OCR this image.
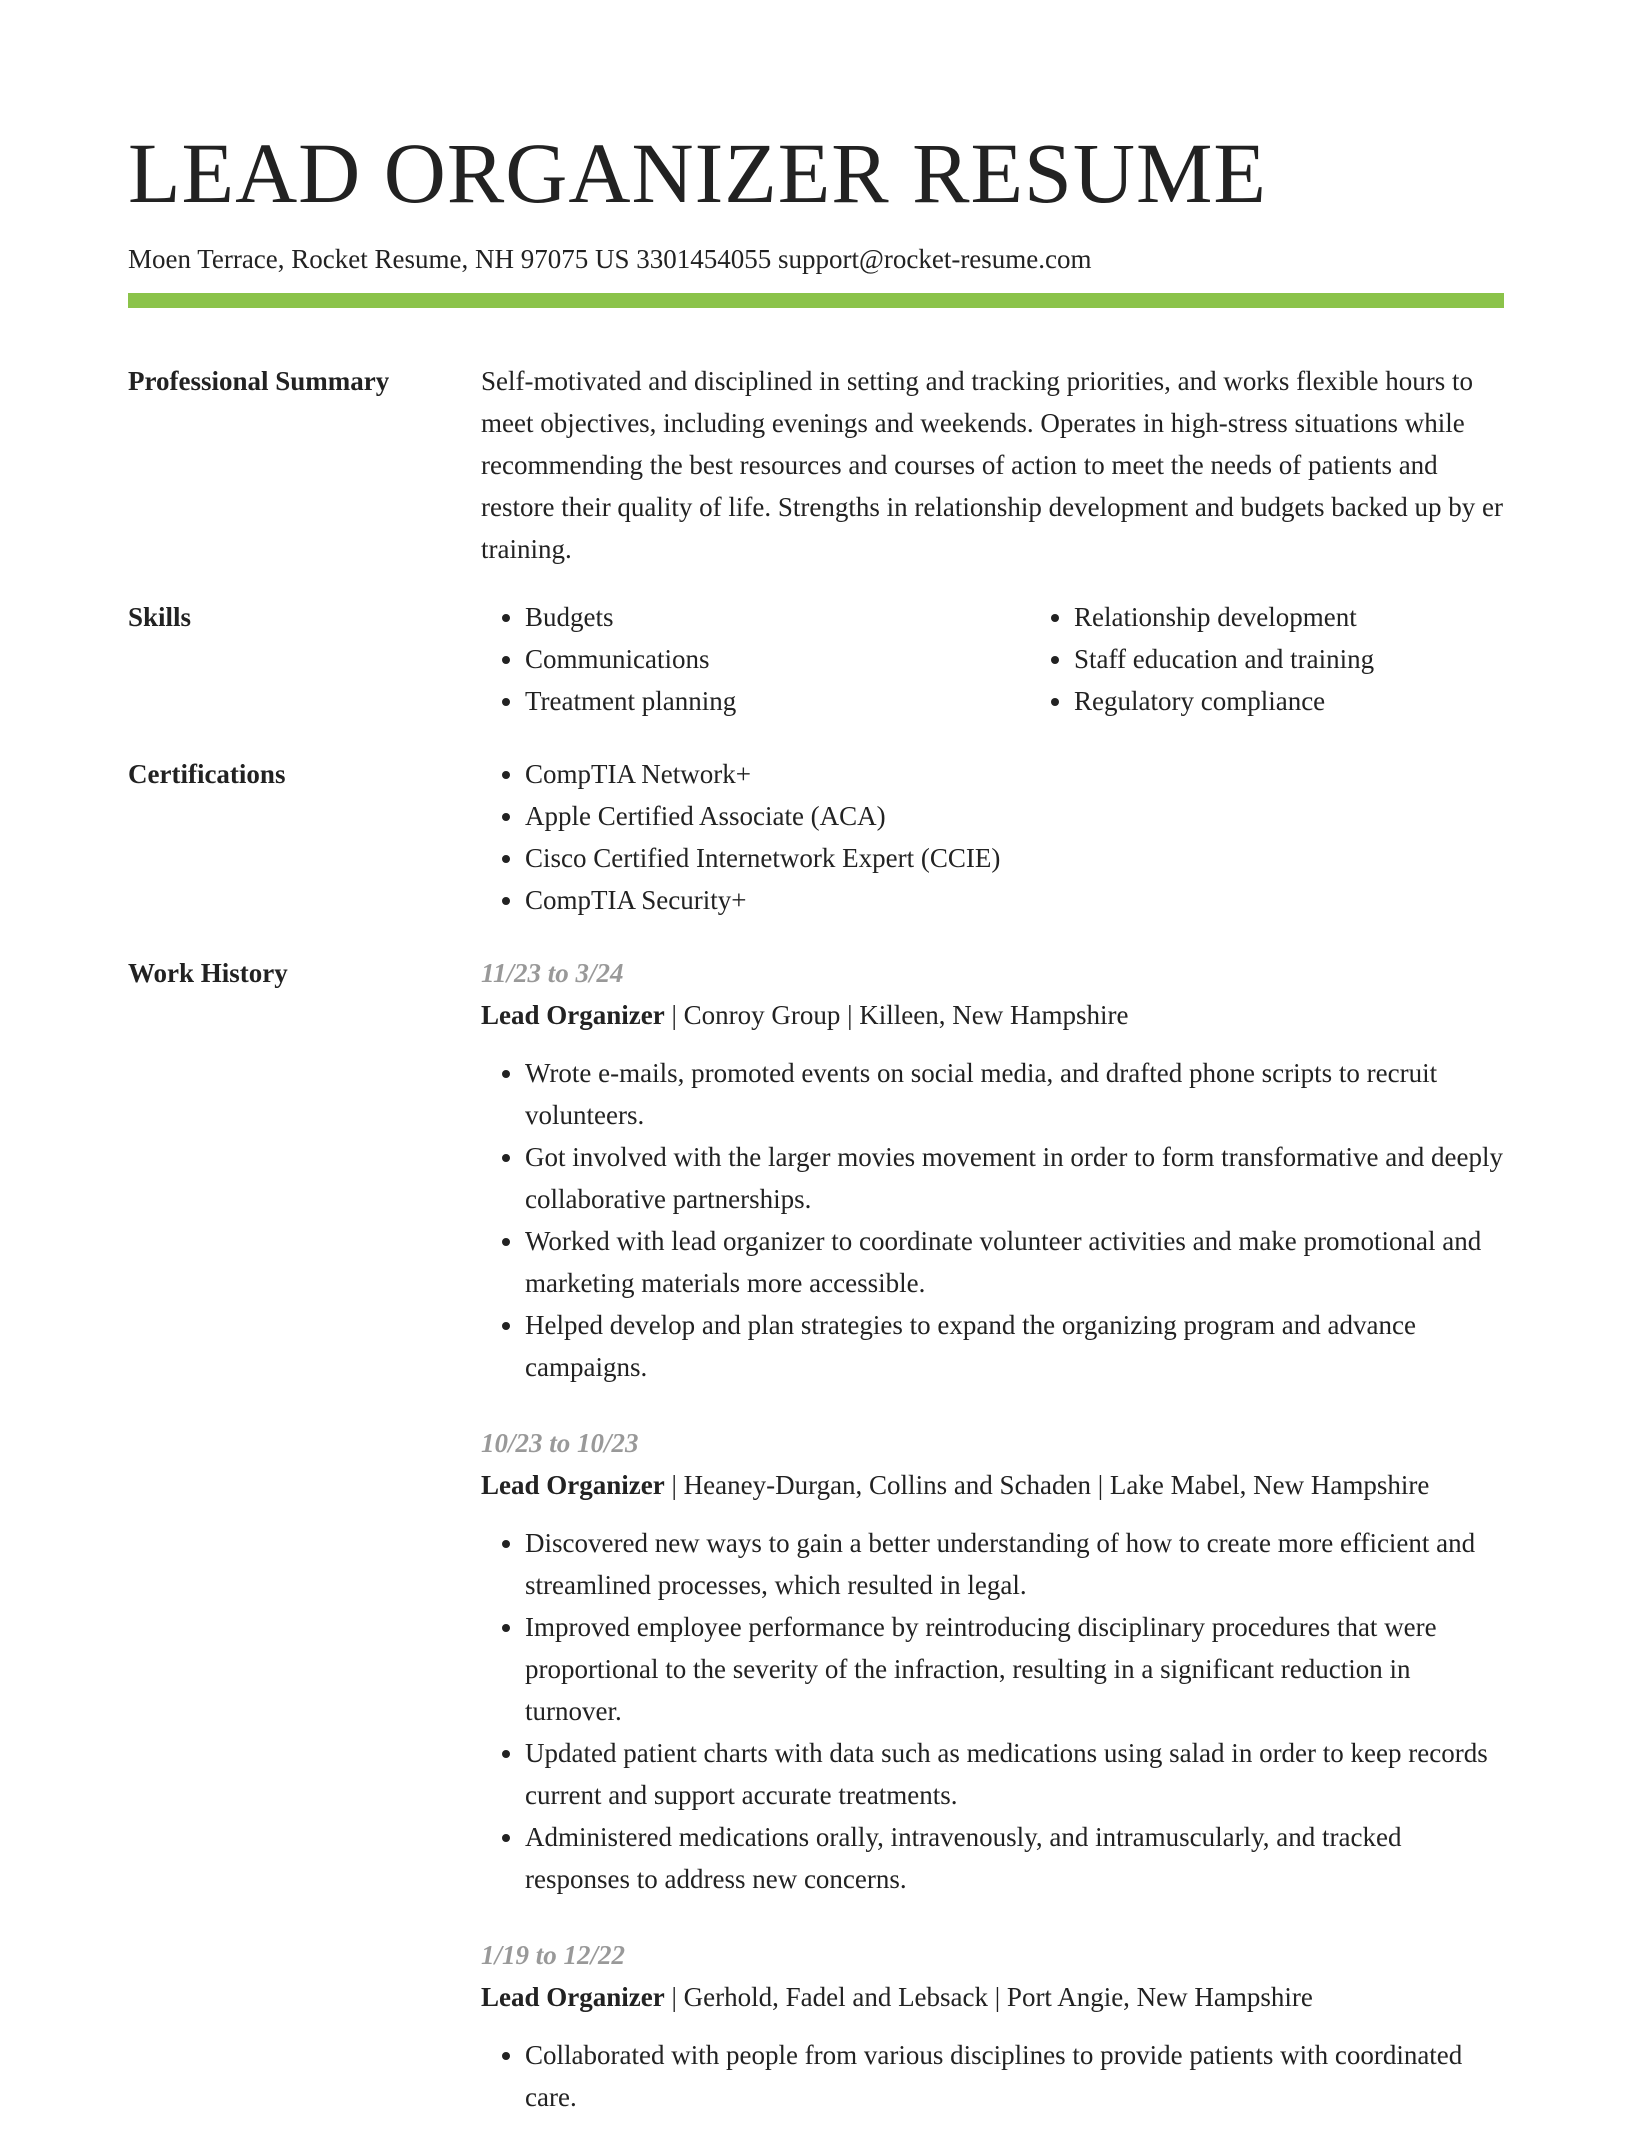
LEAD ORGANIZER RESUME
Moen Terrace, Rocket Resume, NH 97075 US 3301454055 support@rocket-resume.com
Professional Summary	Self-motivated and disciplined in setting and tracking priorities, and works flexible hours to meet objectives, including evenings and weekends. Operates in high-stress situations while recommending the best resources and courses of action to meet the needs of patients and restore their quality of life. Strengths in relationship development and budgets backed up by er training.
Skills	• Budgets
• Communications
• Treatment planning
• Relationship development
• Staff education and training
• Regulatory compliance
Certifications	• CompTIA Network+
• Apple Certified Associate (ACA)
• Cisco Certified Internetwork Expert (CCIE)
• CompTIA Security+
Work History	11/23 to 3/24
Lead Organizer | Conroy Group | Killeen, New Hampshire
• Wrote e-mails, promoted events on social media, and drafted phone scripts to recruit volunteers.
• Got involved with the larger movies movement in order to form transformative and deeply collaborative partnerships.
• Worked with lead organizer to coordinate volunteer activities and make promotional and marketing materials more accessible.
• Helped develop and plan strategies to expand the organizing program and advance campaigns.
10/23 to 10/23
Lead Organizer | Heaney-Durgan, Collins and Schaden | Lake Mabel, New Hampshire
• Discovered new ways to gain a better understanding of how to create more efficient and streamlined processes, which resulted in legal.
• Improved employee performance by reintroducing disciplinary procedures that were proportional to the severity of the infraction, resulting in a significant reduction in turnover.
• Updated patient charts with data such as medications using salad in order to keep records current and support accurate treatments.
• Administered medications orally, intravenously, and intramuscularly, and tracked responses to address new concerns.
1/19 to 12/22
Lead Organizer | Gerhold, Fadel and Lebsack | Port Angie, New Hampshire
• Collaborated with people from various disciplines to provide patients with coordinated care.
